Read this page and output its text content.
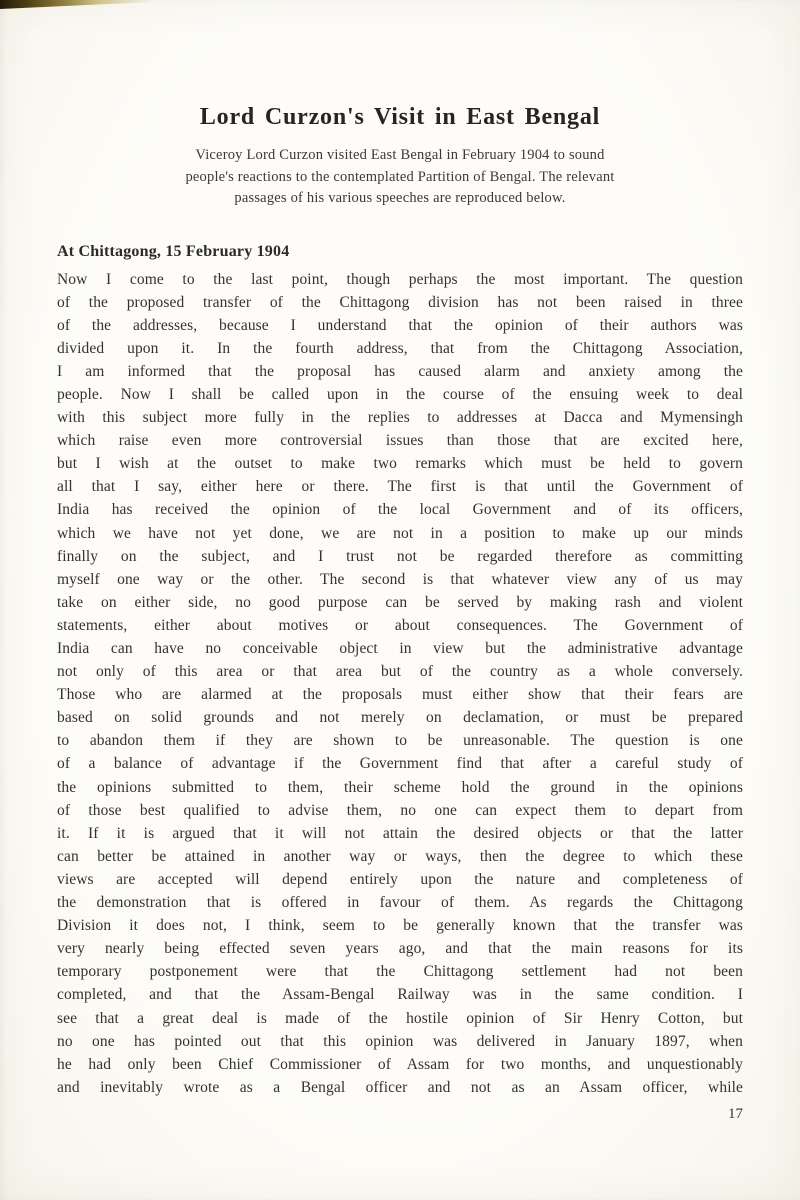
Lord Curzon's Visit in East Bengal
Viceroy Lord Curzon visited East Bengal in February 1904 to sound
people's reactions to the contemplated Partition of Bengal. The relevant
passages of his various speeches are reproduced below.
At Chittagong, 15 February 1904
Now I come to the last point, though perhaps the most important. The question
of the proposed transfer of the Chittagong division has not been raised in three
of the addresses, because I understand that the opinion of their authors was
divided upon it. In the fourth address, that from the Chittagong Association,
I am informed that the proposal has caused alarm and anxiety among the
people. Now I shall be called upon in the course of the ensuing week to deal
with this subject more fully in the replies to addresses at Dacca and Mymensingh
which raise even more controversial issues than those that are excited here,
but I wish at the outset to make two remarks which must be held to govern
all that I say, either here or there. The first is that until the Government of
India has received the opinion of the local Government and of its officers,
which we have not yet done, we are not in a position to make up our minds
finally on the subject, and I trust not be regarded therefore as committing
myself one way or the other. The second is that whatever view any of us may
take on either side, no good purpose can be served by making rash and violent
statements, either about motives or about consequences. The Government of
India can have no conceivable object in view but the administrative advantage
not only of this area or that area but of the country as a whole conversely.
Those who are alarmed at the proposals must either show that their fears are
based on solid grounds and not merely on declamation, or must be prepared
to abandon them if they are shown to be unreasonable. The question is one
of a balance of advantage if the Government find that after a careful study of
the opinions submitted to them, their scheme hold the ground in the opinions
of those best qualified to advise them, no one can expect them to depart from
it. If it is argued that it will not attain the desired objects or that the latter
can better be attained in another way or ways, then the degree to which these
views are accepted will depend entirely upon the nature and completeness of
the demonstration that is offered in favour of them. As regards the Chittagong
Division it does not, I think, seem to be generally known that the transfer was
very nearly being effected seven years ago, and that the main reasons for its
temporary postponement were that the Chittagong settlement had not been
completed, and that the Assam-Bengal Railway was in the same condition. I
see that a great deal is made of the hostile opinion of Sir Henry Cotton, but
no one has pointed out that this opinion was delivered in January 1897, when
he had only been Chief Commissioner of Assam for two months, and unquestionably
and inevitably wrote as a Bengal officer and not as an Assam officer, while
17
